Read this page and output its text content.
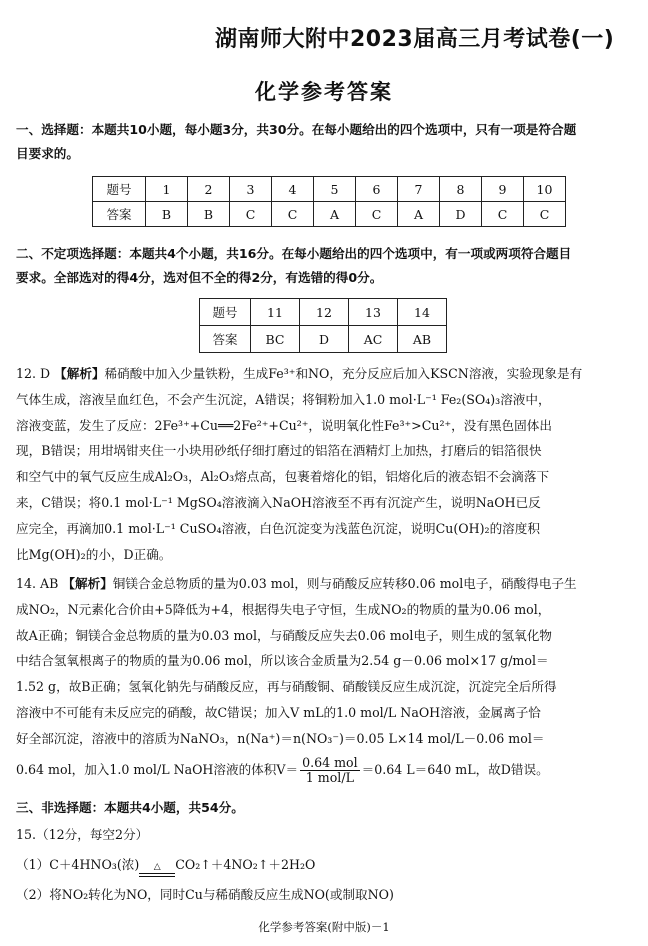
湖南师大附中2023届高三月考试卷(一)
化学参考答案
一、选择题：本题共10小题，每小题3分，共30分。在每小题给出的四个选项中，只有一项是符合题
目要求的。
题号	1	2	3	4	5	6	7	8	9	10
答案	B	B	C	C	A	C	A	D	C	C
二、不定项选择题：本题共4个小题，共16分。在每小题给出的四个选项中，有一项或两项符合题目
要求。全部选对的得4分，选对但不全的得2分，有选错的得0分。
题号	11	12	13	14
答案	BC	D	AC	AB

12. D 【解析】稀硝酸中加入少量铁粉，生成Fe³⁺和NO，充分反应后加入KSCN溶液，实验现象是有

气体生成，溶液呈血红色，不会产生沉淀，A错误；将铜粉加入1.0 mol·L⁻¹ Fe₂(SO₄)₃溶液中，

溶液变蓝，发生了反应：2Fe³⁺+Cu══2Fe²⁺+Cu²⁺，说明氧化性Fe³⁺>Cu²⁺，没有黑色固体出

现，B错误；用坩埚钳夹住一小块用砂纸仔细打磨过的铝箔在酒精灯上加热，打磨后的铝箔很快

和空气中的氧气反应生成Al₂O₃，Al₂O₃熔点高，包裹着熔化的铝，铝熔化后的液态铝不会滴落下

来，C错误；将0.1 mol·L⁻¹ MgSO₄溶液滴入NaOH溶液至不再有沉淀产生，说明NaOH已反

应完全，再滴加0.1 mol·L⁻¹ CuSO₄溶液，白色沉淀变为浅蓝色沉淀，说明Cu(OH)₂的溶度积

比Mg(OH)₂的小，D正确。

14. AB 【解析】铜镁合金总物质的量为0.03 mol，则与硝酸反应转移0.06 mol电子，硝酸得电子生

成NO₂，N元素化合价由+5降低为+4，根据得失电子守恒，生成NO₂的物质的量为0.06 mol，

故A正确；铜镁合金总物质的量为0.03 mol，与硝酸反应失去0.06 mol电子，则生成的氢氧化物

中结合氢氧根离子的物质的量为0.06 mol，所以该合金质量为2.54 g－0.06 mol×17 g/mol＝

1.52 g，故B正确；氢氧化钠先与硝酸反应，再与硝酸铜、硝酸镁反应生成沉淀，沉淀完全后所得

溶液中不可能有未反应完的硝酸，故C错误；加入V mL的1.0 mol/L NaOH溶液，金属离子恰

好全部沉淀，溶液中的溶质为NaNO₃，n(Na⁺)＝n(NO₃⁻)＝0.05 L×14 mol/L－0.06 mol＝

0.64 mol，加入1.0 mol/L NaOH溶液的体积$V= \frac{\text{0.64 mol}}{\text{1 mol/L}} =0.64$ L＝640 mL，故D错误。

三、非选择题：本题共4小题，共54分。
15.（12分，每空2分）
（1）C＋4HNO₃(浓)	△	CO₂↑＋4NO₂↑＋2H₂O
（2）将NO₂转化为NO，同时Cu与稀硝酸反应生成NO(或制取NO)
化学参考答案(附中版)－1
